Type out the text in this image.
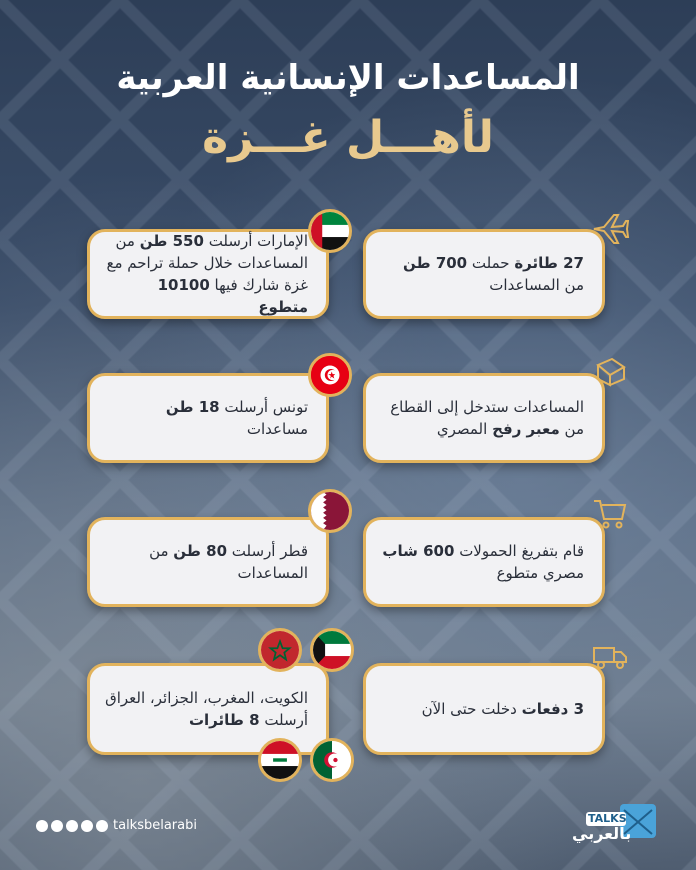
المساعدات الإنسانية العربية
لأهـــل غـــزة
الإمارات أرسلت 550 طن من المساعدات خلال حملة تراحم مع غزة شارك فيها 10100 متطوع
27 طائرة حملت 700 طن من المساعدات
تونس أرسلت 18 طن مساعدات
المساعدات ستدخل إلى القطاع من معبر رفح المصري
قطر أرسلت 80 طن من المساعدات
قام بتفريغ الحمولات 600 شاب مصري متطوع
الكويت، المغرب، الجزائر، العراق أرسلت 8 طائرات
3 دفعات دخلت حتى الآن
talksbelarabi	TALKS
بالعربي
